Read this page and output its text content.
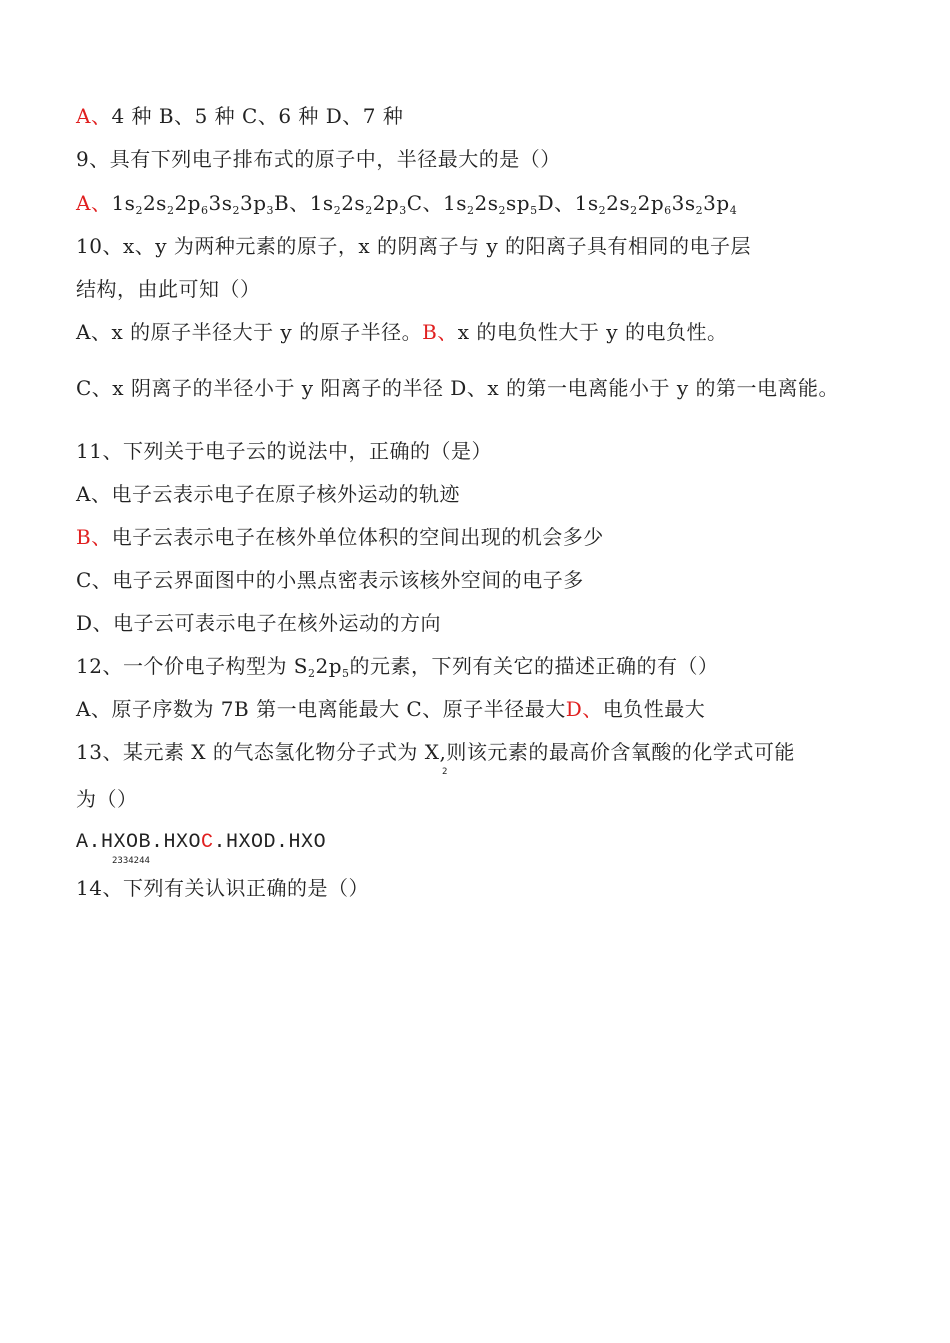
A、4 种 B、5 种 C、6 种 D、7 种
9、具有下列电子排布式的原子中，半径最大的是（）
A、$1s_22s_22p_63s_23p_3B$、$1s_22s_22p_3C$、$1s_22s_2sp_5D$、$1s_22s_22p_63s_23p_4$
10、x、y 为两种元素的原子，x 的阴离子与 y 的阳离子具有相同的电子层
结构，由此可知（）
A、x 的原子半径大于 y 的原子半径。B、x 的电负性大于 y 的电负性。
C、x 阴离子的半径小于 y 阳离子的半径 D、x 的第一电离能小于 y 的第一电离能。
11、下列关于电子云的说法中，正确的（是）
A、电子云表示电子在原子核外运动的轨迹
B、电子云表示电子在核外单位体积的空间出现的机会多少
C、电子云界面图中的小黑点密表示该核外空间的电子多
D、电子云可表示电子在核外运动的方向
12、一个价电子构型为 $S_22p_5$的元素，下列有关它的描述正确的有（）
A、原子序数为 7B 第一电离能最大 C、原子半径最大D、电负性最大
13、某元素 X 的气态氢化物分子式为 X,则该元素的最高价含氧酸的化学式可能
2
为（）
A.HXOB.HXOC.HXOD.HXO
2334244
14、下列有关认识正确的是（）
